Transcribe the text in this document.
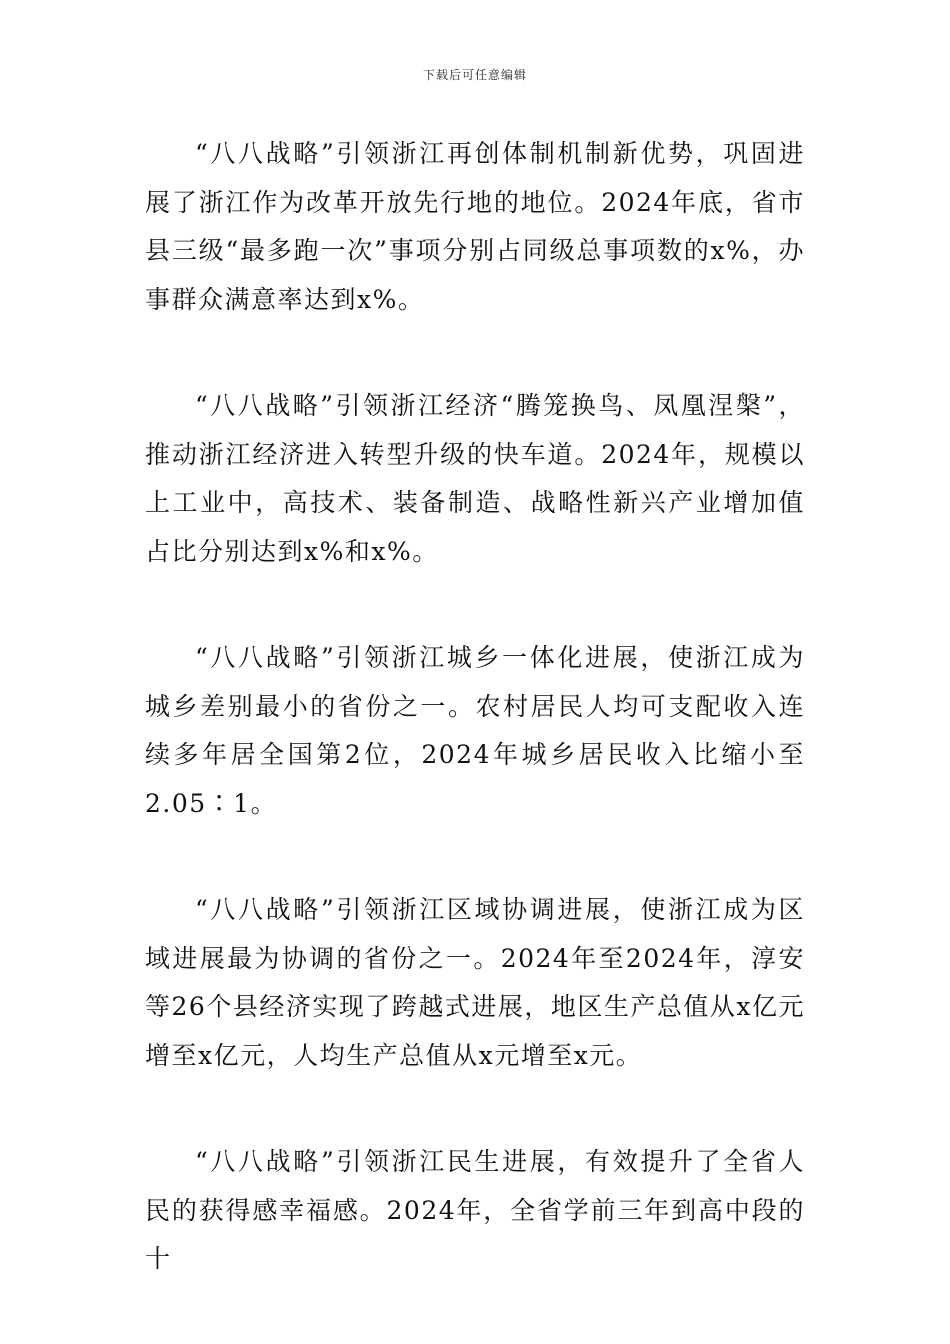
下载后可任意编辑

“八八战略”引领浙江再创体制机制新优势，巩固进展了浙江作为改革开放先行地的地位。2024年底，省市县三级“最多跑一次”事项分别占同级总事项数的x%，办事群众满意率达到x%。

“八八战略”引领浙江经济“腾笼换鸟、凤凰涅槃”，推动浙江经济进入转型升级的快车道。2024年，规模以上工业中，高技术、装备制造、战略性新兴产业增加值占比分别达到x%和x%。

“八八战略”引领浙江城乡一体化进展，使浙江成为城乡差别最小的省份之一。农村居民人均可支配收入连续多年居全国第2位，2024年城乡居民收入比缩小至2.05∶1。

“八八战略”引领浙江区域协调进展，使浙江成为区域进展最为协调的省份之一。2024年至2024年，淳安等26个县经济实现了跨越式进展，地区生产总值从x亿元增至x亿元，人均生产总值从x元增至x元。

“八八战略”引领浙江民生进展，有效提升了全省人民的获得感幸福感。2024年，全省学前三年到高中段的十
